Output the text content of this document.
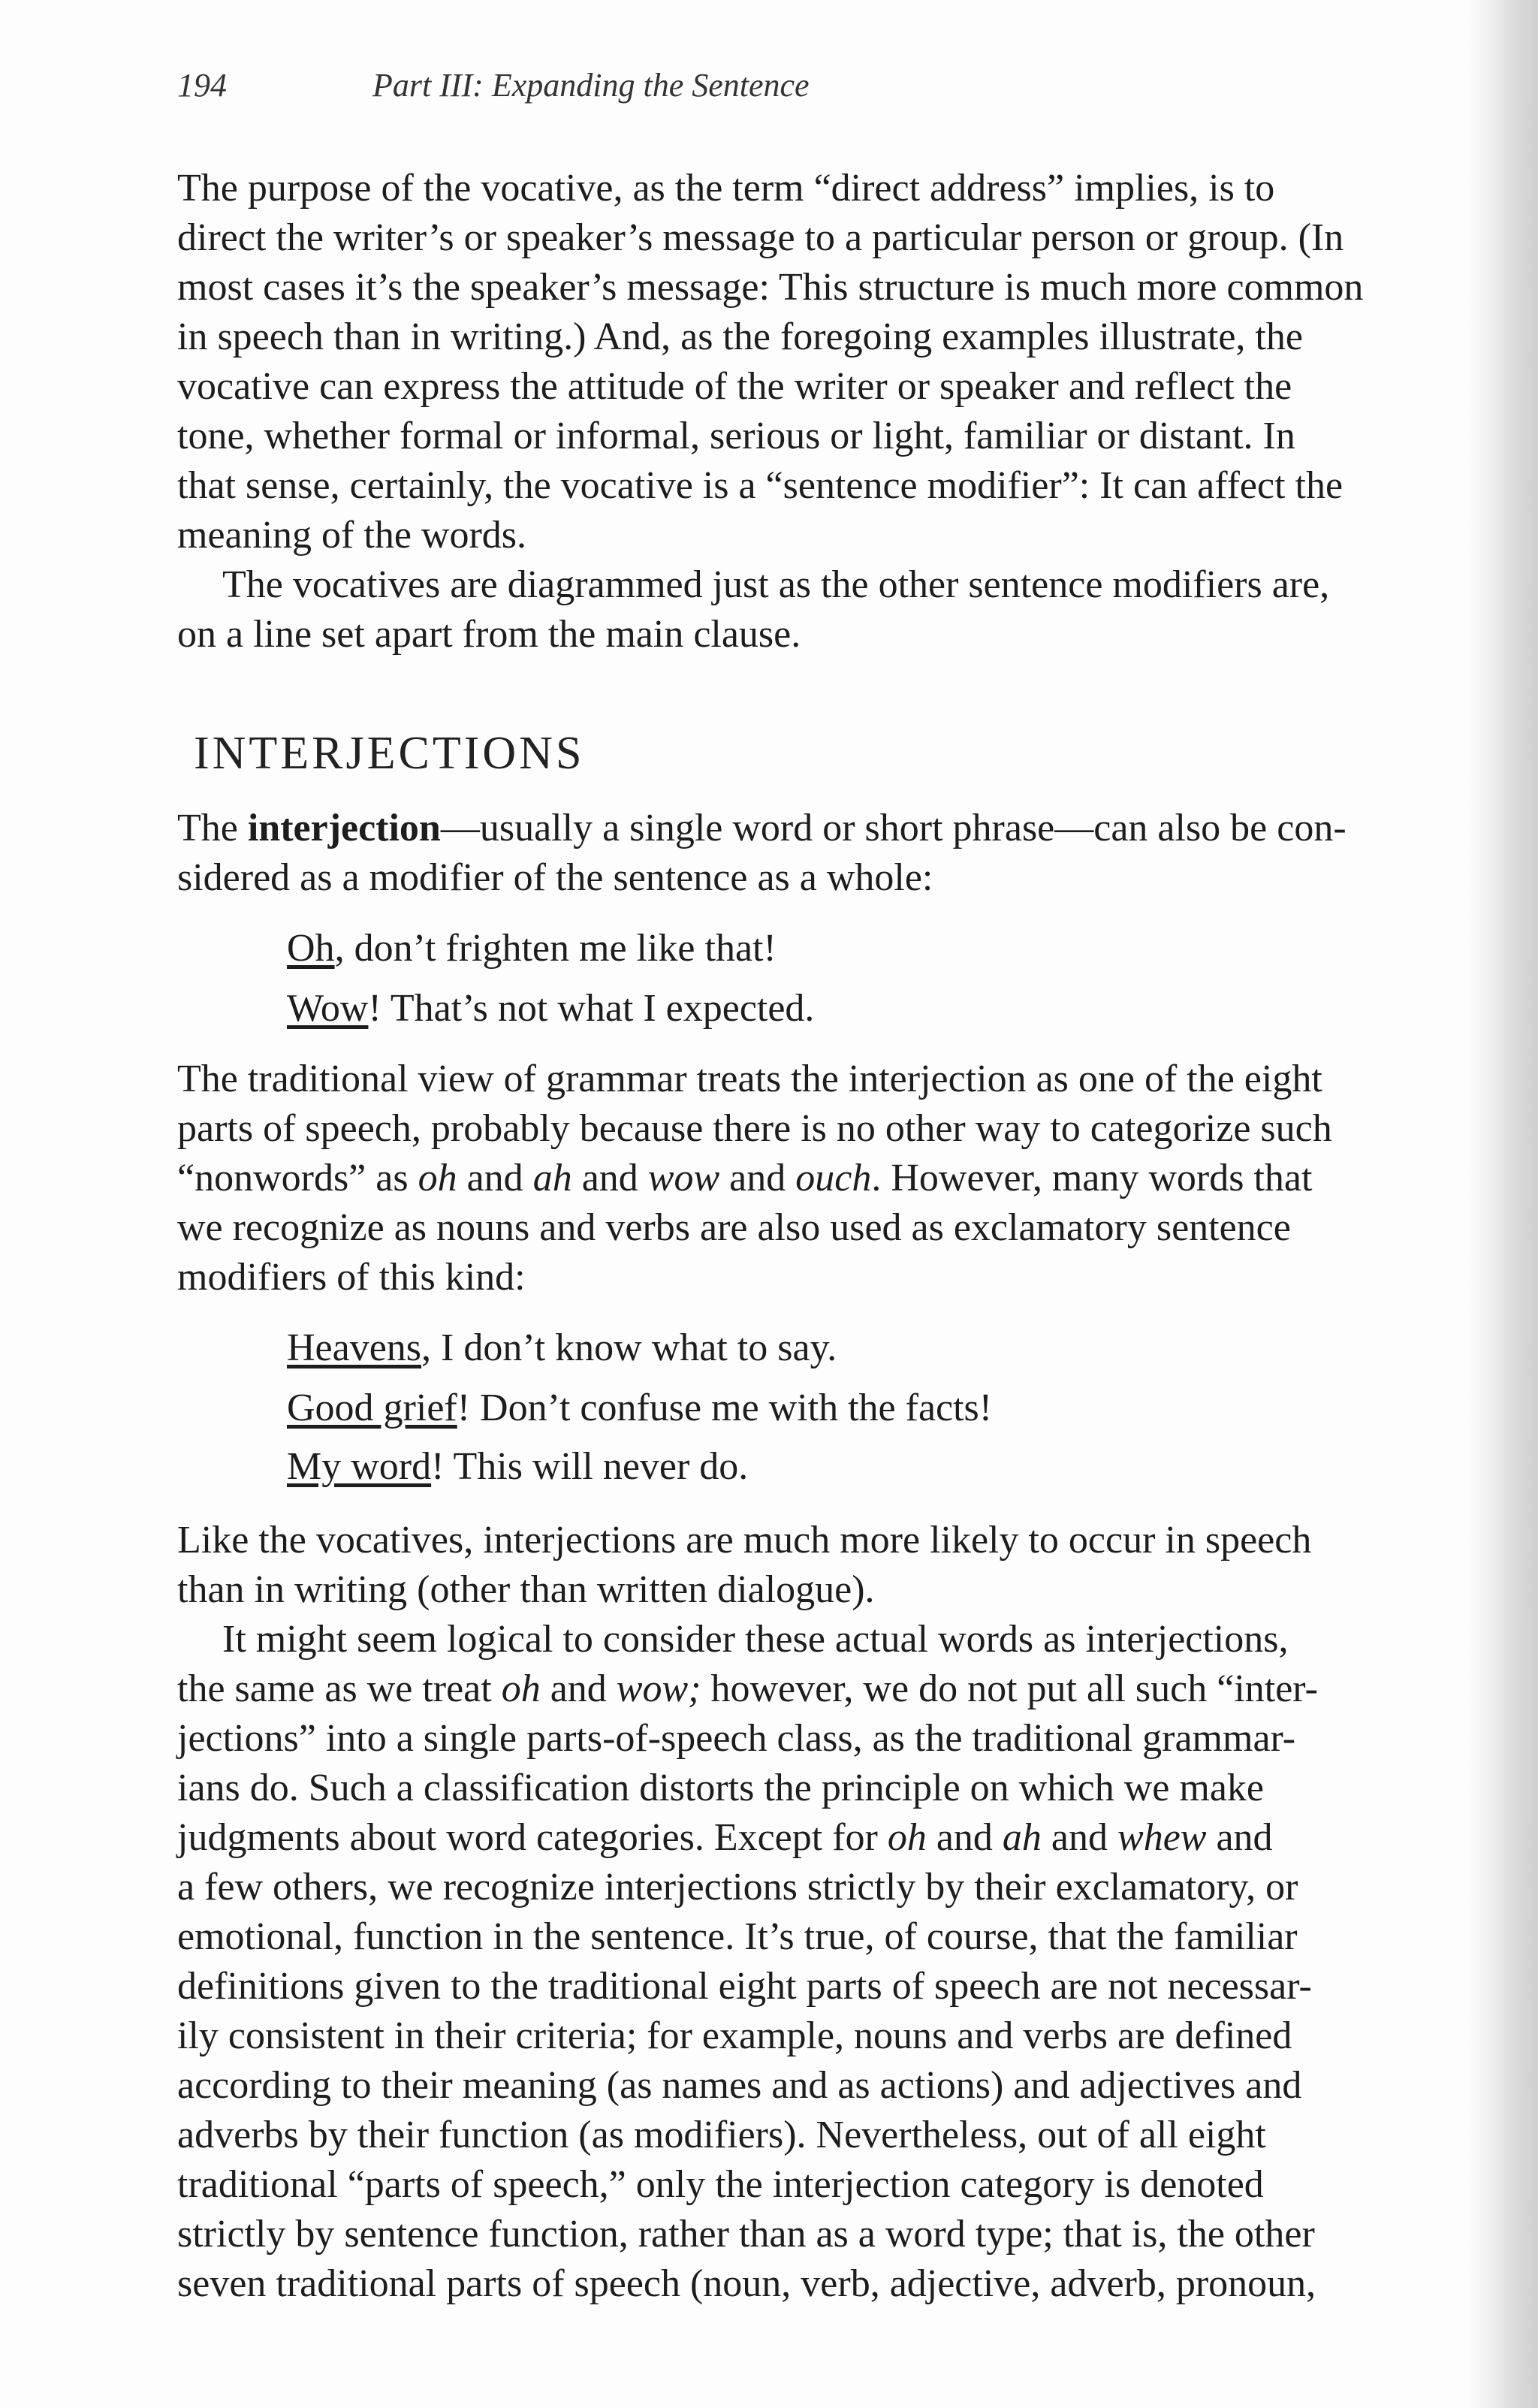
194	Part III: Expanding the Sentence

The purpose of the vocative, as the term “direct address” implies, is to

direct the writer’s or speaker’s message to a particular person or group. (In

most cases it’s the speaker’s message: This structure is much more common

in speech than in writing.) And, as the foregoing examples illustrate, the

vocative can express the attitude of the writer or speaker and reflect the

tone, whether formal or informal, serious or light, familiar or distant. In

that sense, certainly, the vocative is a “sentence modifier”: It can affect the

meaning of the words.

The vocatives are diagrammed just as the other sentence modifiers are,

on a line set apart from the main clause.

INTERJECTIONS

The interjection—usually a single word or short phrase—can also be con-

sidered as a modifier of the sentence as a whole:

Oh, don’t frighten me like that!
Wow! That’s not what I expected.

The traditional view of grammar treats the interjection as one of the eight

parts of speech, probably because there is no other way to categorize such

“nonwords” as oh and ah and wow and ouch. However, many words that

we recognize as nouns and verbs are also used as exclamatory sentence

modifiers of this kind:

Heavens, I don’t know what to say.
Good grief! Don’t confuse me with the facts!
My word! This will never do.

Like the vocatives, interjections are much more likely to occur in speech

than in writing (other than written dialogue).

It might seem logical to consider these actual words as interjections,

the same as we treat oh and wow; however, we do not put all such “inter-

jections” into a single parts-of-speech class, as the traditional grammar-

ians do. Such a classification distorts the principle on which we make

judgments about word categories. Except for oh and ah and whew and

a few others, we recognize interjections strictly by their exclamatory, or

emotional, function in the sentence. It’s true, of course, that the familiar

definitions given to the traditional eight parts of speech are not necessar-

ily consistent in their criteria; for example, nouns and verbs are defined

according to their meaning (as names and as actions) and adjectives and

adverbs by their function (as modifiers). Nevertheless, out of all eight

traditional “parts of speech,” only the interjection category is denoted

strictly by sentence function, rather than as a word type; that is, the other

seven traditional parts of speech (noun, verb, adjective, adverb, pronoun,
